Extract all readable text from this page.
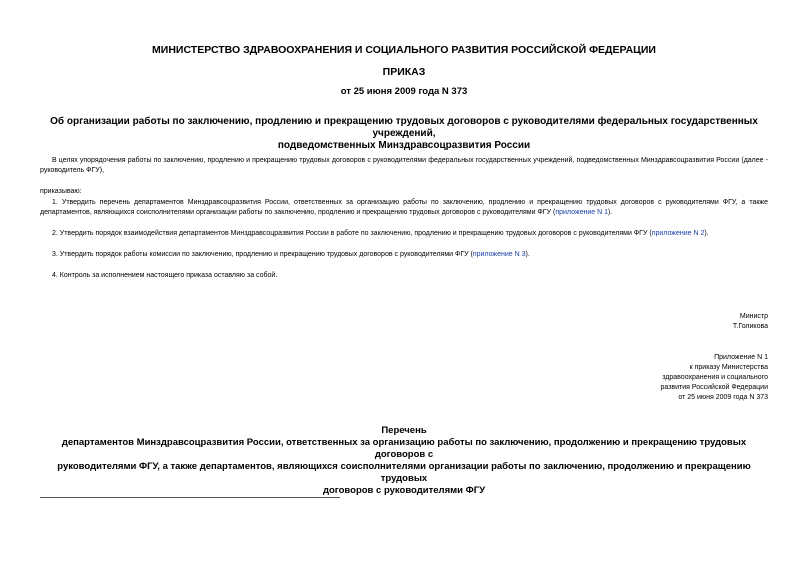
МИНИСТЕРСТВО ЗДРАВООХРАНЕНИЯ И СОЦИАЛЬНОГО РАЗВИТИЯ РОССИЙСКОЙ ФЕДЕРАЦИИ
ПРИКАЗ
от 25 июня 2009 года N 373
Об организации работы по заключению, продлению и прекращению трудовых договоров с руководителями федеральных государственных учреждений,
подведомственных Минздравсоцразвития России
В целях упорядочения работы по заключению, продлению и прекращению трудовых договоров с руководителями федеральных государственных учреждений, подведомственных Минздравсоцразвития России (далее - руководитель ФГУ),
приказываю:
1. Утвердить перечень департаментов Минздравсоцразвития России, ответственных за организацию работы по заключению, продлению и прекращению трудовых договоров с руководителями ФГУ, а также департаментов, являющихся соисполнителями организации работы по заключению, продлению и прекращению трудовых договоров с руководителями ФГУ (приложение N 1).
2. Утвердить порядок взаимодействия департаментов Минздравсоцразвития России в работе по заключению, продлению и прекращению трудовых договоров с руководителями ФГУ (приложение N 2).
3. Утвердить порядок работы комиссии по заключению, продлению и прекращению трудовых договоров с руководителями ФГУ (приложение N 3).
4. Контроль за исполнением настоящего приказа оставляю за собой.
Министр
Т.Голикова
Приложение N 1
к приказу Министерства
здравоохранения и социального
развития Российской Федерации
от 25 июня 2009 года N 373
Перечень
департаментов Минздравсоцразвития России, ответственных за организацию работы по заключению, продолжению и прекращению трудовых договоров с
руководителями ФГУ, а также департаментов, являющихся соисполнителями организации работы по заключению, продолжению и прекращению трудовых
договоров с руководителями ФГУ
